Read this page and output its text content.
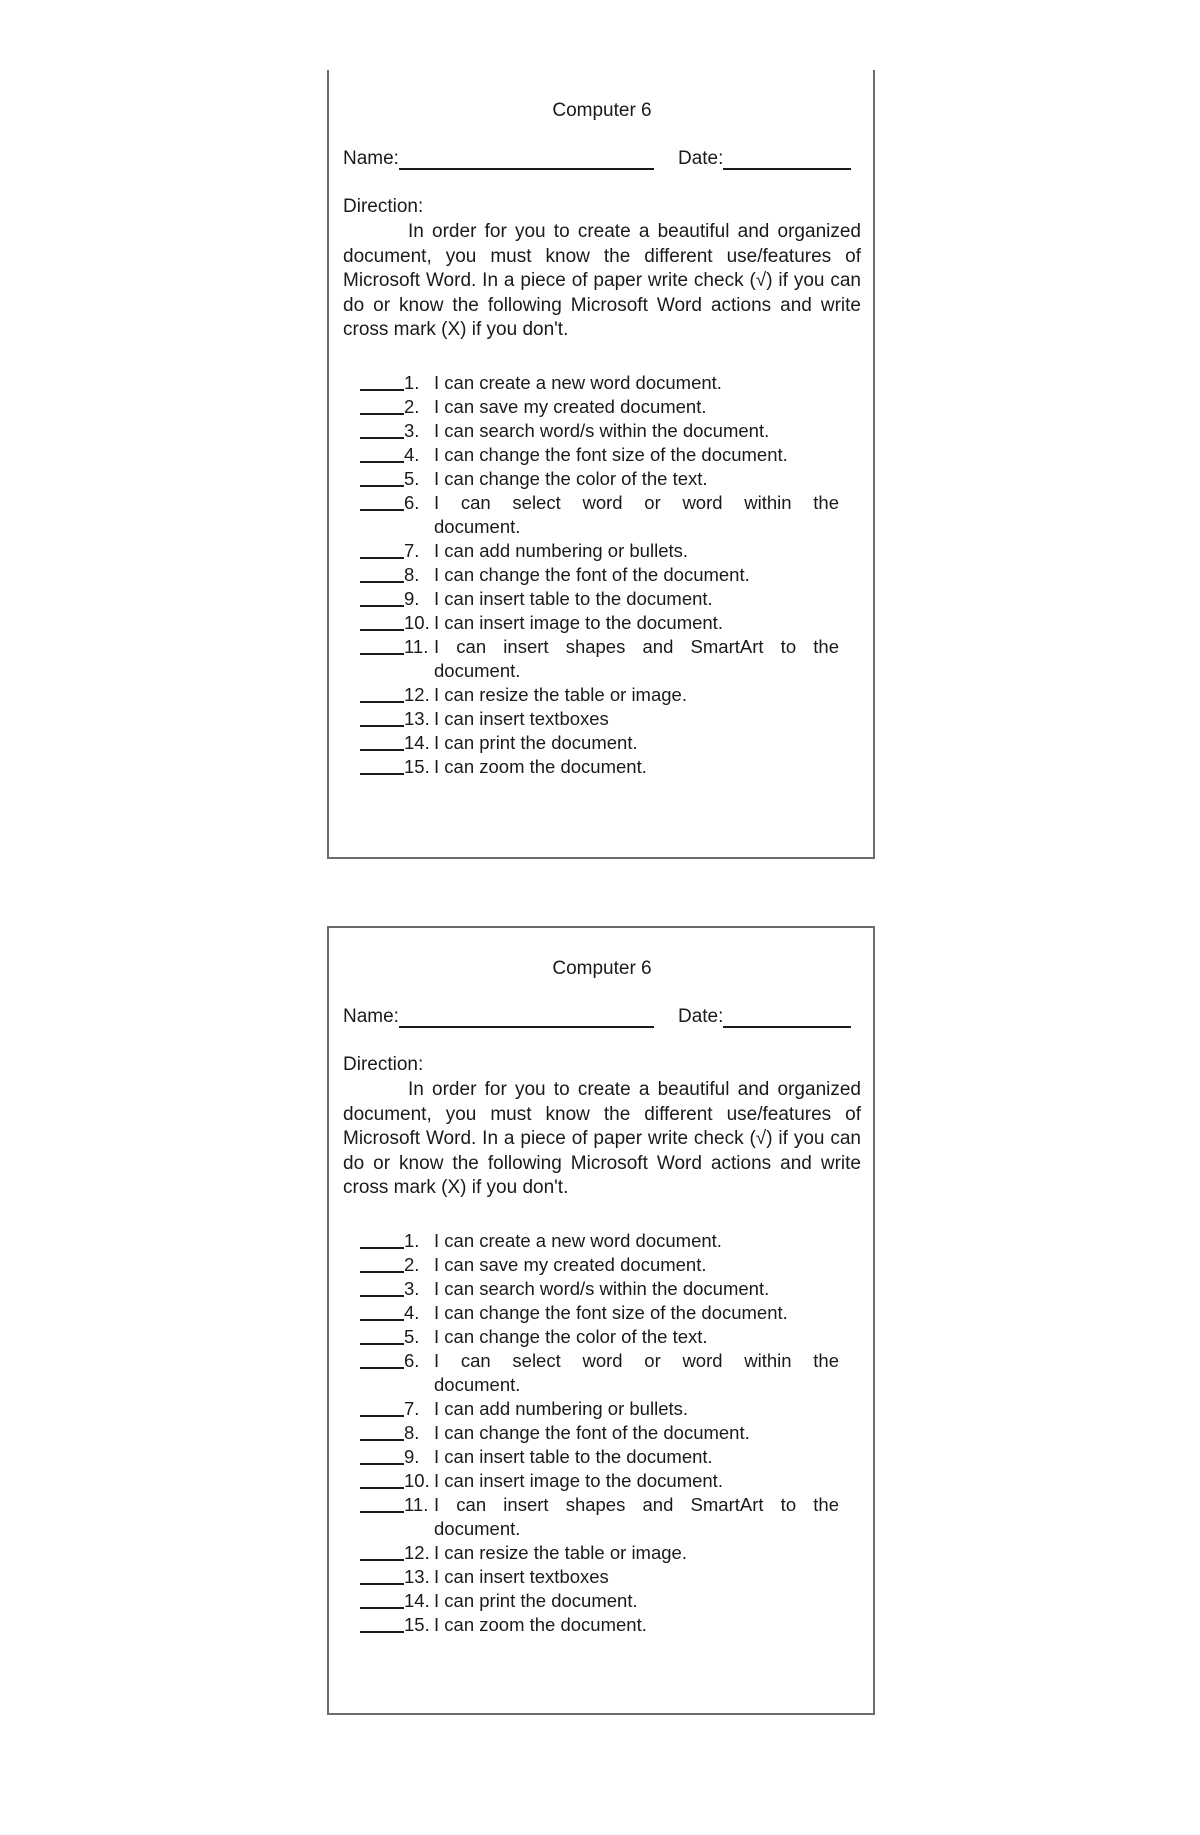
Computer 6
Name:	Date:
Direction:
In order for you to create a beautiful and organized document, you must know the different use/features of Microsoft Word. In a piece of paper write check (√) if you can do or know the following Microsoft Word actions and write cross mark (X) if you don't.
1. I can create a new word document.
2. I can save my created document.
3. I can search word/s within the document.
4. I can change the font size of the document.
5. I can change the color of the text.
6. I can select word or word within the
document.
7. I can add numbering or bullets.
8. I can change the font of the document.
9. I can insert table to the document.
10. I can insert image to the document.
11. I can insert shapes and SmartArt to the
document.
12. I can resize the table or image.
13. I can insert textboxes
14. I can print the document.
15. I can zoom the document.
Computer 6
Name:	Date:
Direction:
In order for you to create a beautiful and organized document, you must know the different use/features of Microsoft Word. In a piece of paper write check (√) if you can do or know the following Microsoft Word actions and write cross mark (X) if you don't.
1. I can create a new word document.
2. I can save my created document.
3. I can search word/s within the document.
4. I can change the font size of the document.
5. I can change the color of the text.
6. I can select word or word within the
document.
7. I can add numbering or bullets.
8. I can change the font of the document.
9. I can insert table to the document.
10. I can insert image to the document.
11. I can insert shapes and SmartArt to the
document.
12. I can resize the table or image.
13. I can insert textboxes
14. I can print the document.
15. I can zoom the document.
